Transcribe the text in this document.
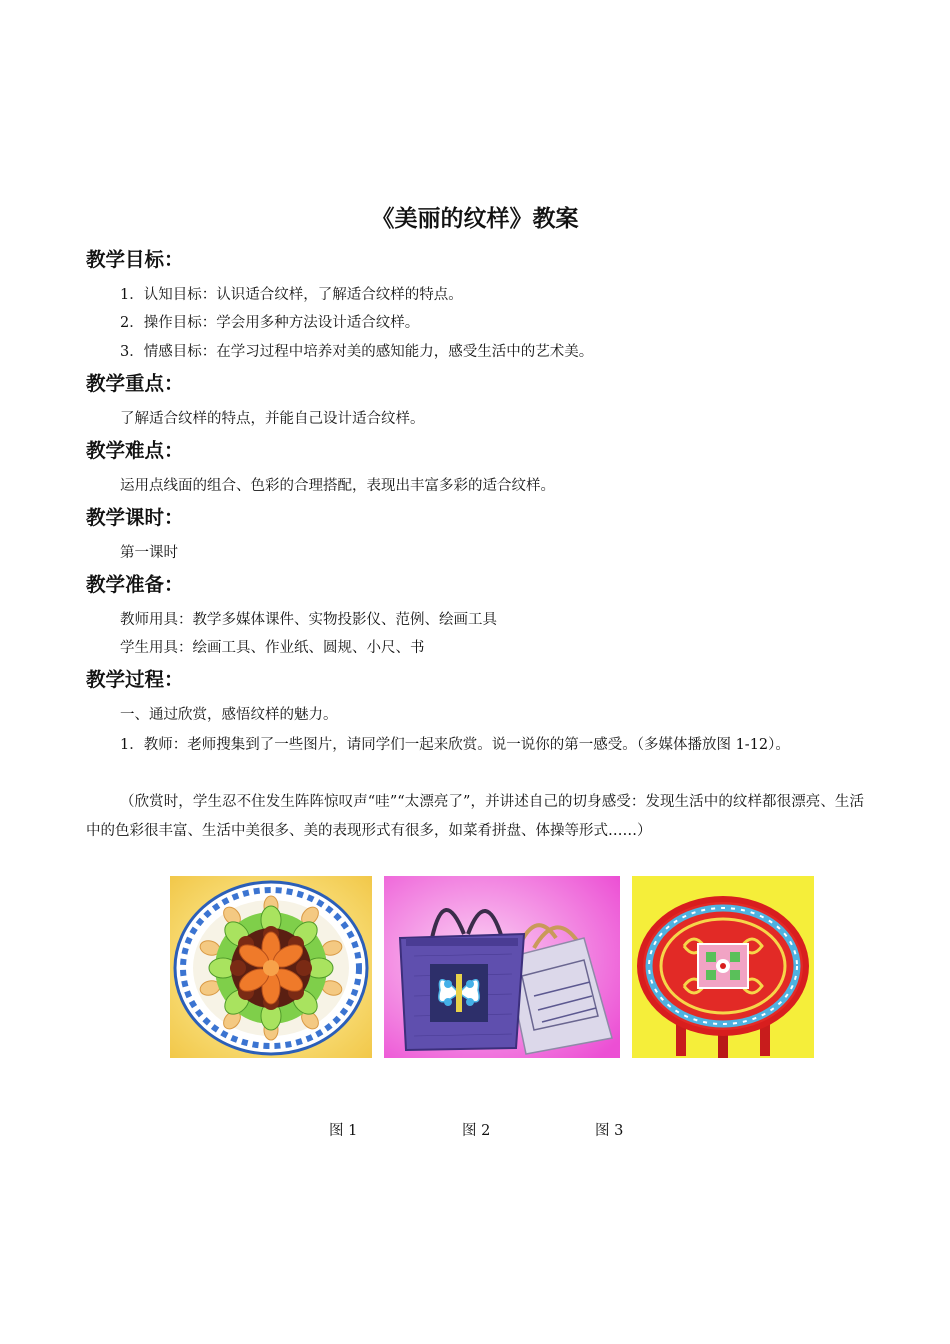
《美丽的纹样》教案
教学目标：

1．认知目标：认识适合纹样，了解适合纹样的特点。

2．操作目标：学会用多种方法设计适合纹样。

3．情感目标：在学习过程中培养对美的感知能力，感受生活中的艺术美。

教学重点：

了解适合纹样的特点，并能自己设计适合纹样。

教学难点：

运用点线面的组合、色彩的合理搭配，表现出丰富多彩的适合纹样。

教学课时：

第一课时

教学准备：

教师用具：教学多媒体课件、实物投影仪、范例、绘画工具

学生用具：绘画工具、作业纸、圆规、小尺、书

教学过程：

一、通过欣赏，感悟纹样的魅力。

1．教师：老师搜集到了一些图片，请同学们一起来欣赏。说一说你的第一感受。（多媒体播放图 1-12）。

（欣赏时，学生忍不住发生阵阵惊叹声“哇”“太漂亮了”，并讲述自己的切身感受：发现生活中的纹样都很漂亮、生活中的色彩很丰富、生活中美很多、美的表现形式有很多，如菜肴拼盘、体操等形式……）

图 1	图 2	图 3
